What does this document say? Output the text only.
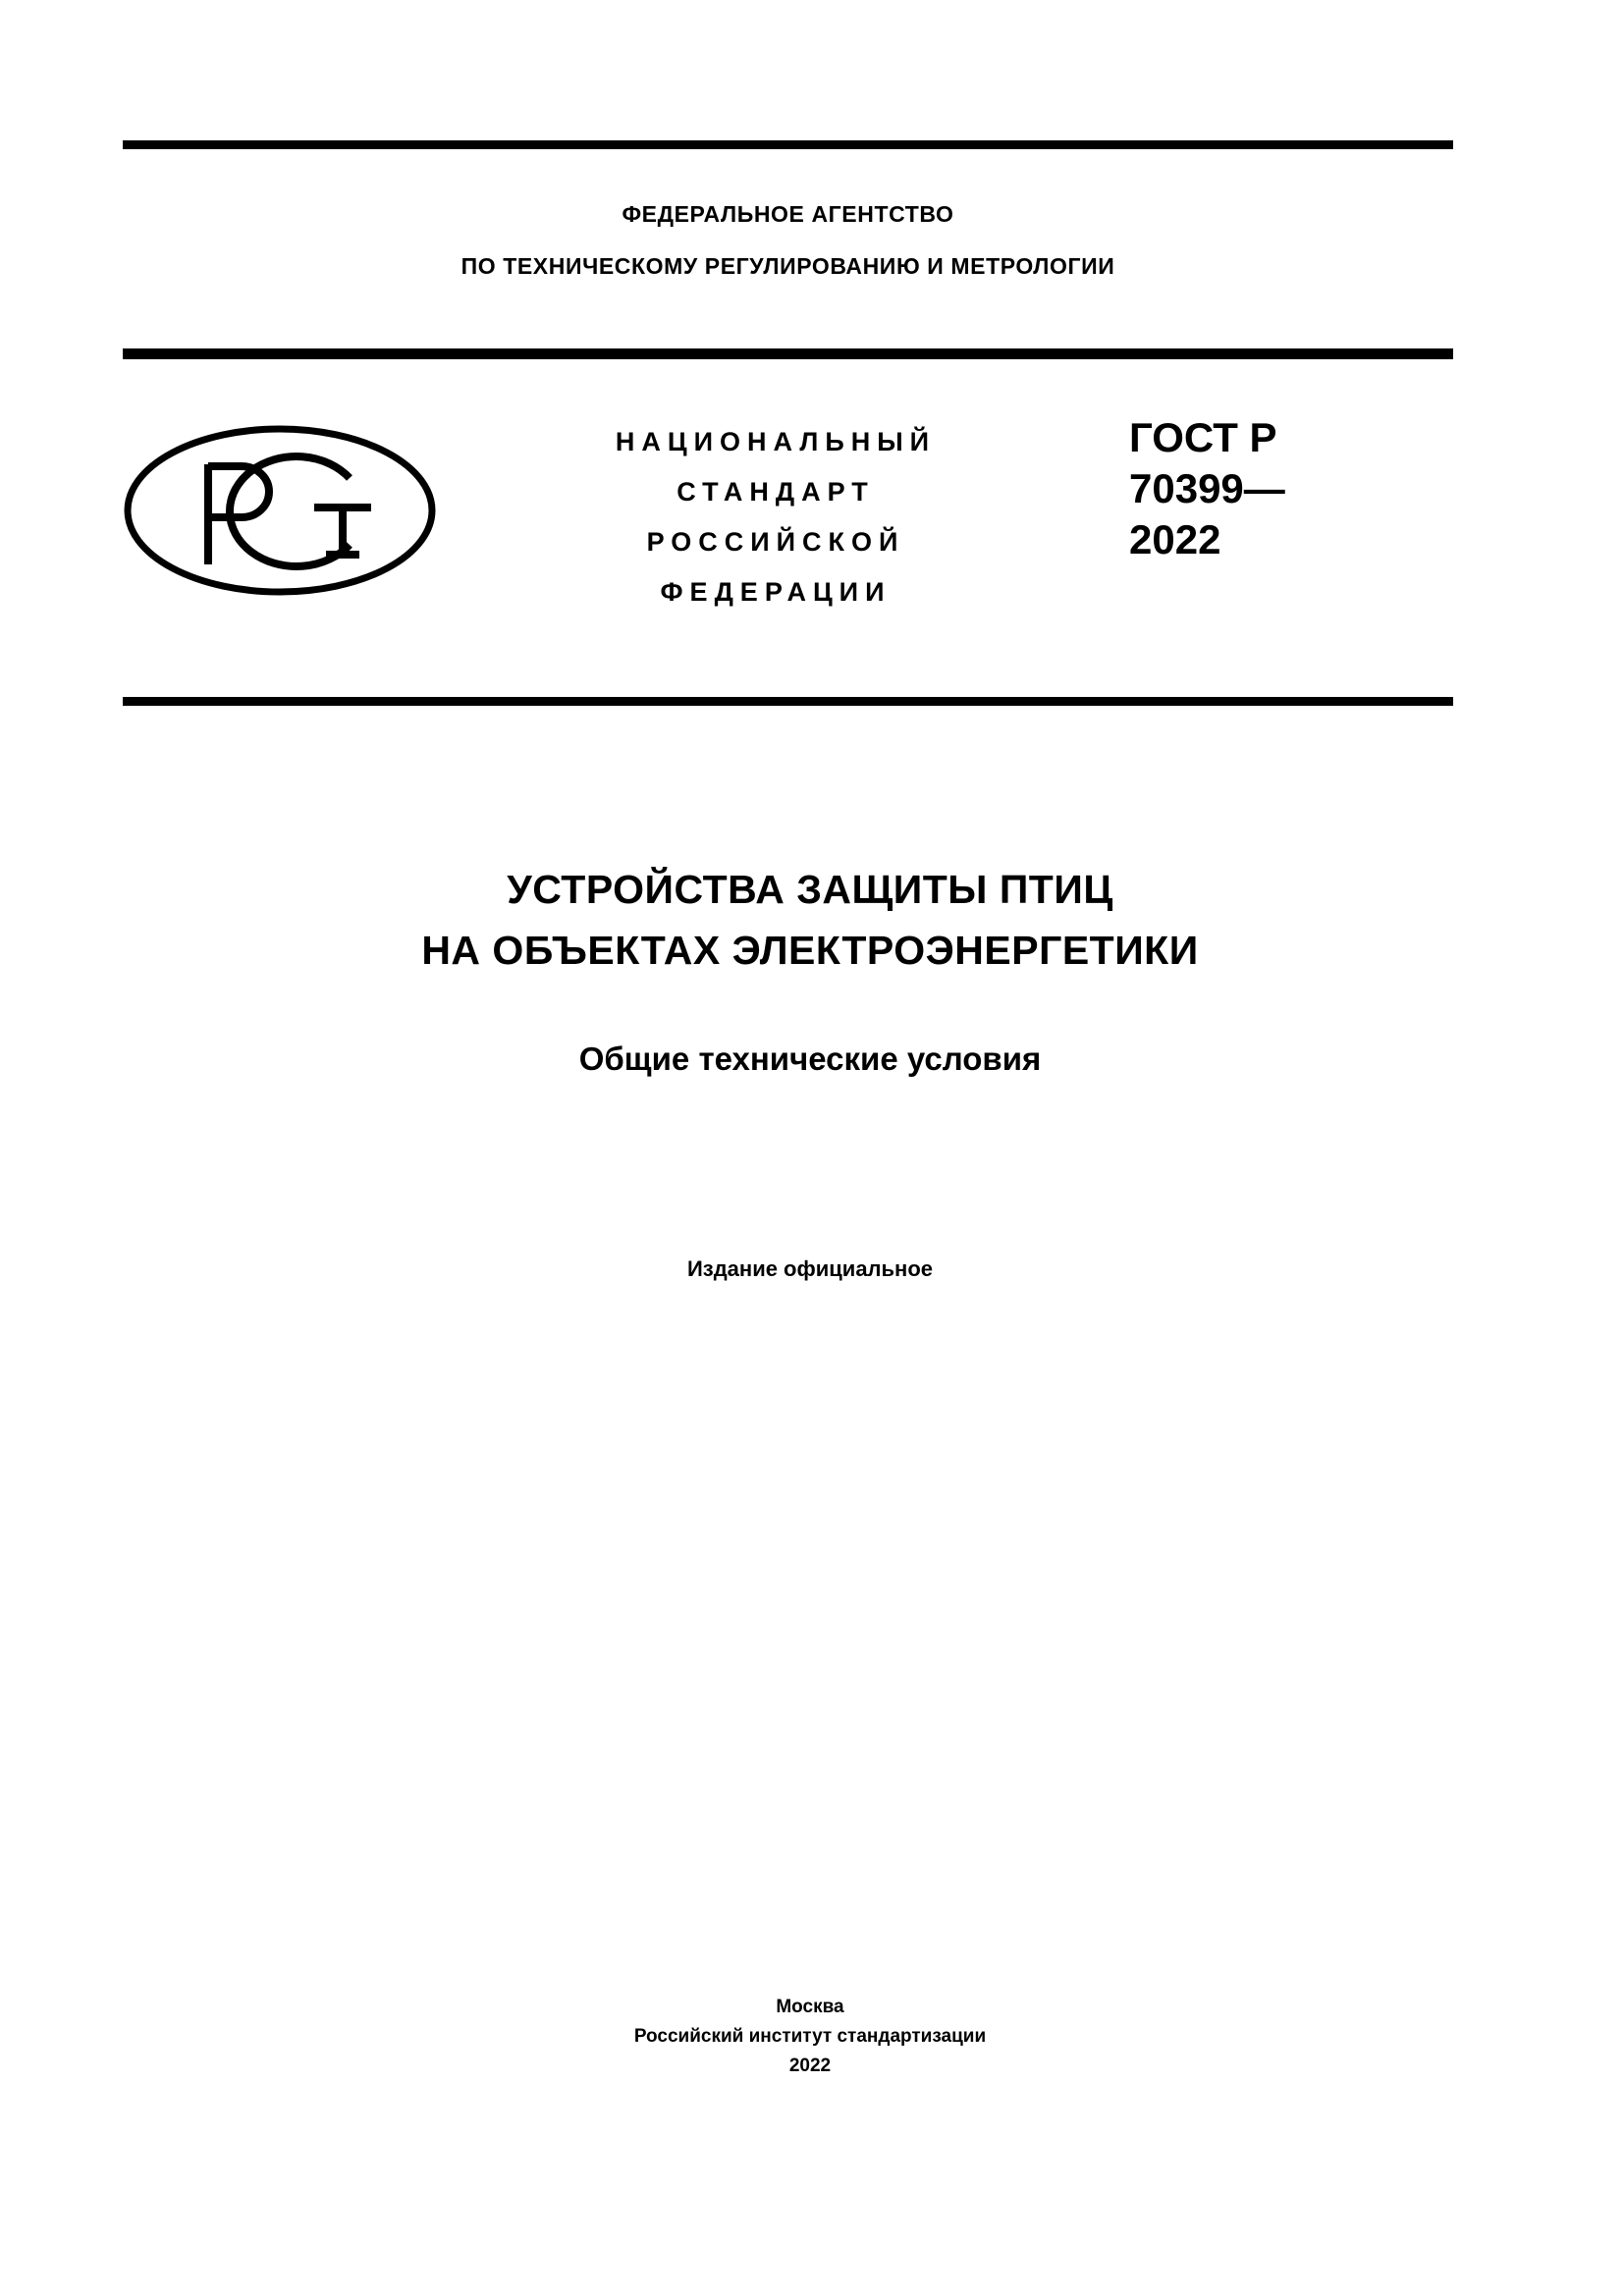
ФЕДЕРАЛЬНОЕ АГЕНТСТВО
ПО ТЕХНИЧЕСКОМУ РЕГУЛИРОВАНИЮ И МЕТРОЛОГИИ
НАЦИОНАЛЬНЫЙ
СТАНДАРТ
РОССИЙСКОЙ
ФЕДЕРАЦИИ
ГОСТ Р
70399—
2022
УСТРОЙСТВА ЗАЩИТЫ ПТИЦ
НА ОБЪЕКТАХ ЭЛЕКТРОЭНЕРГЕТИКИ
Общие технические условия
Издание официальное
Москва
Российский институт стандартизации
2022
